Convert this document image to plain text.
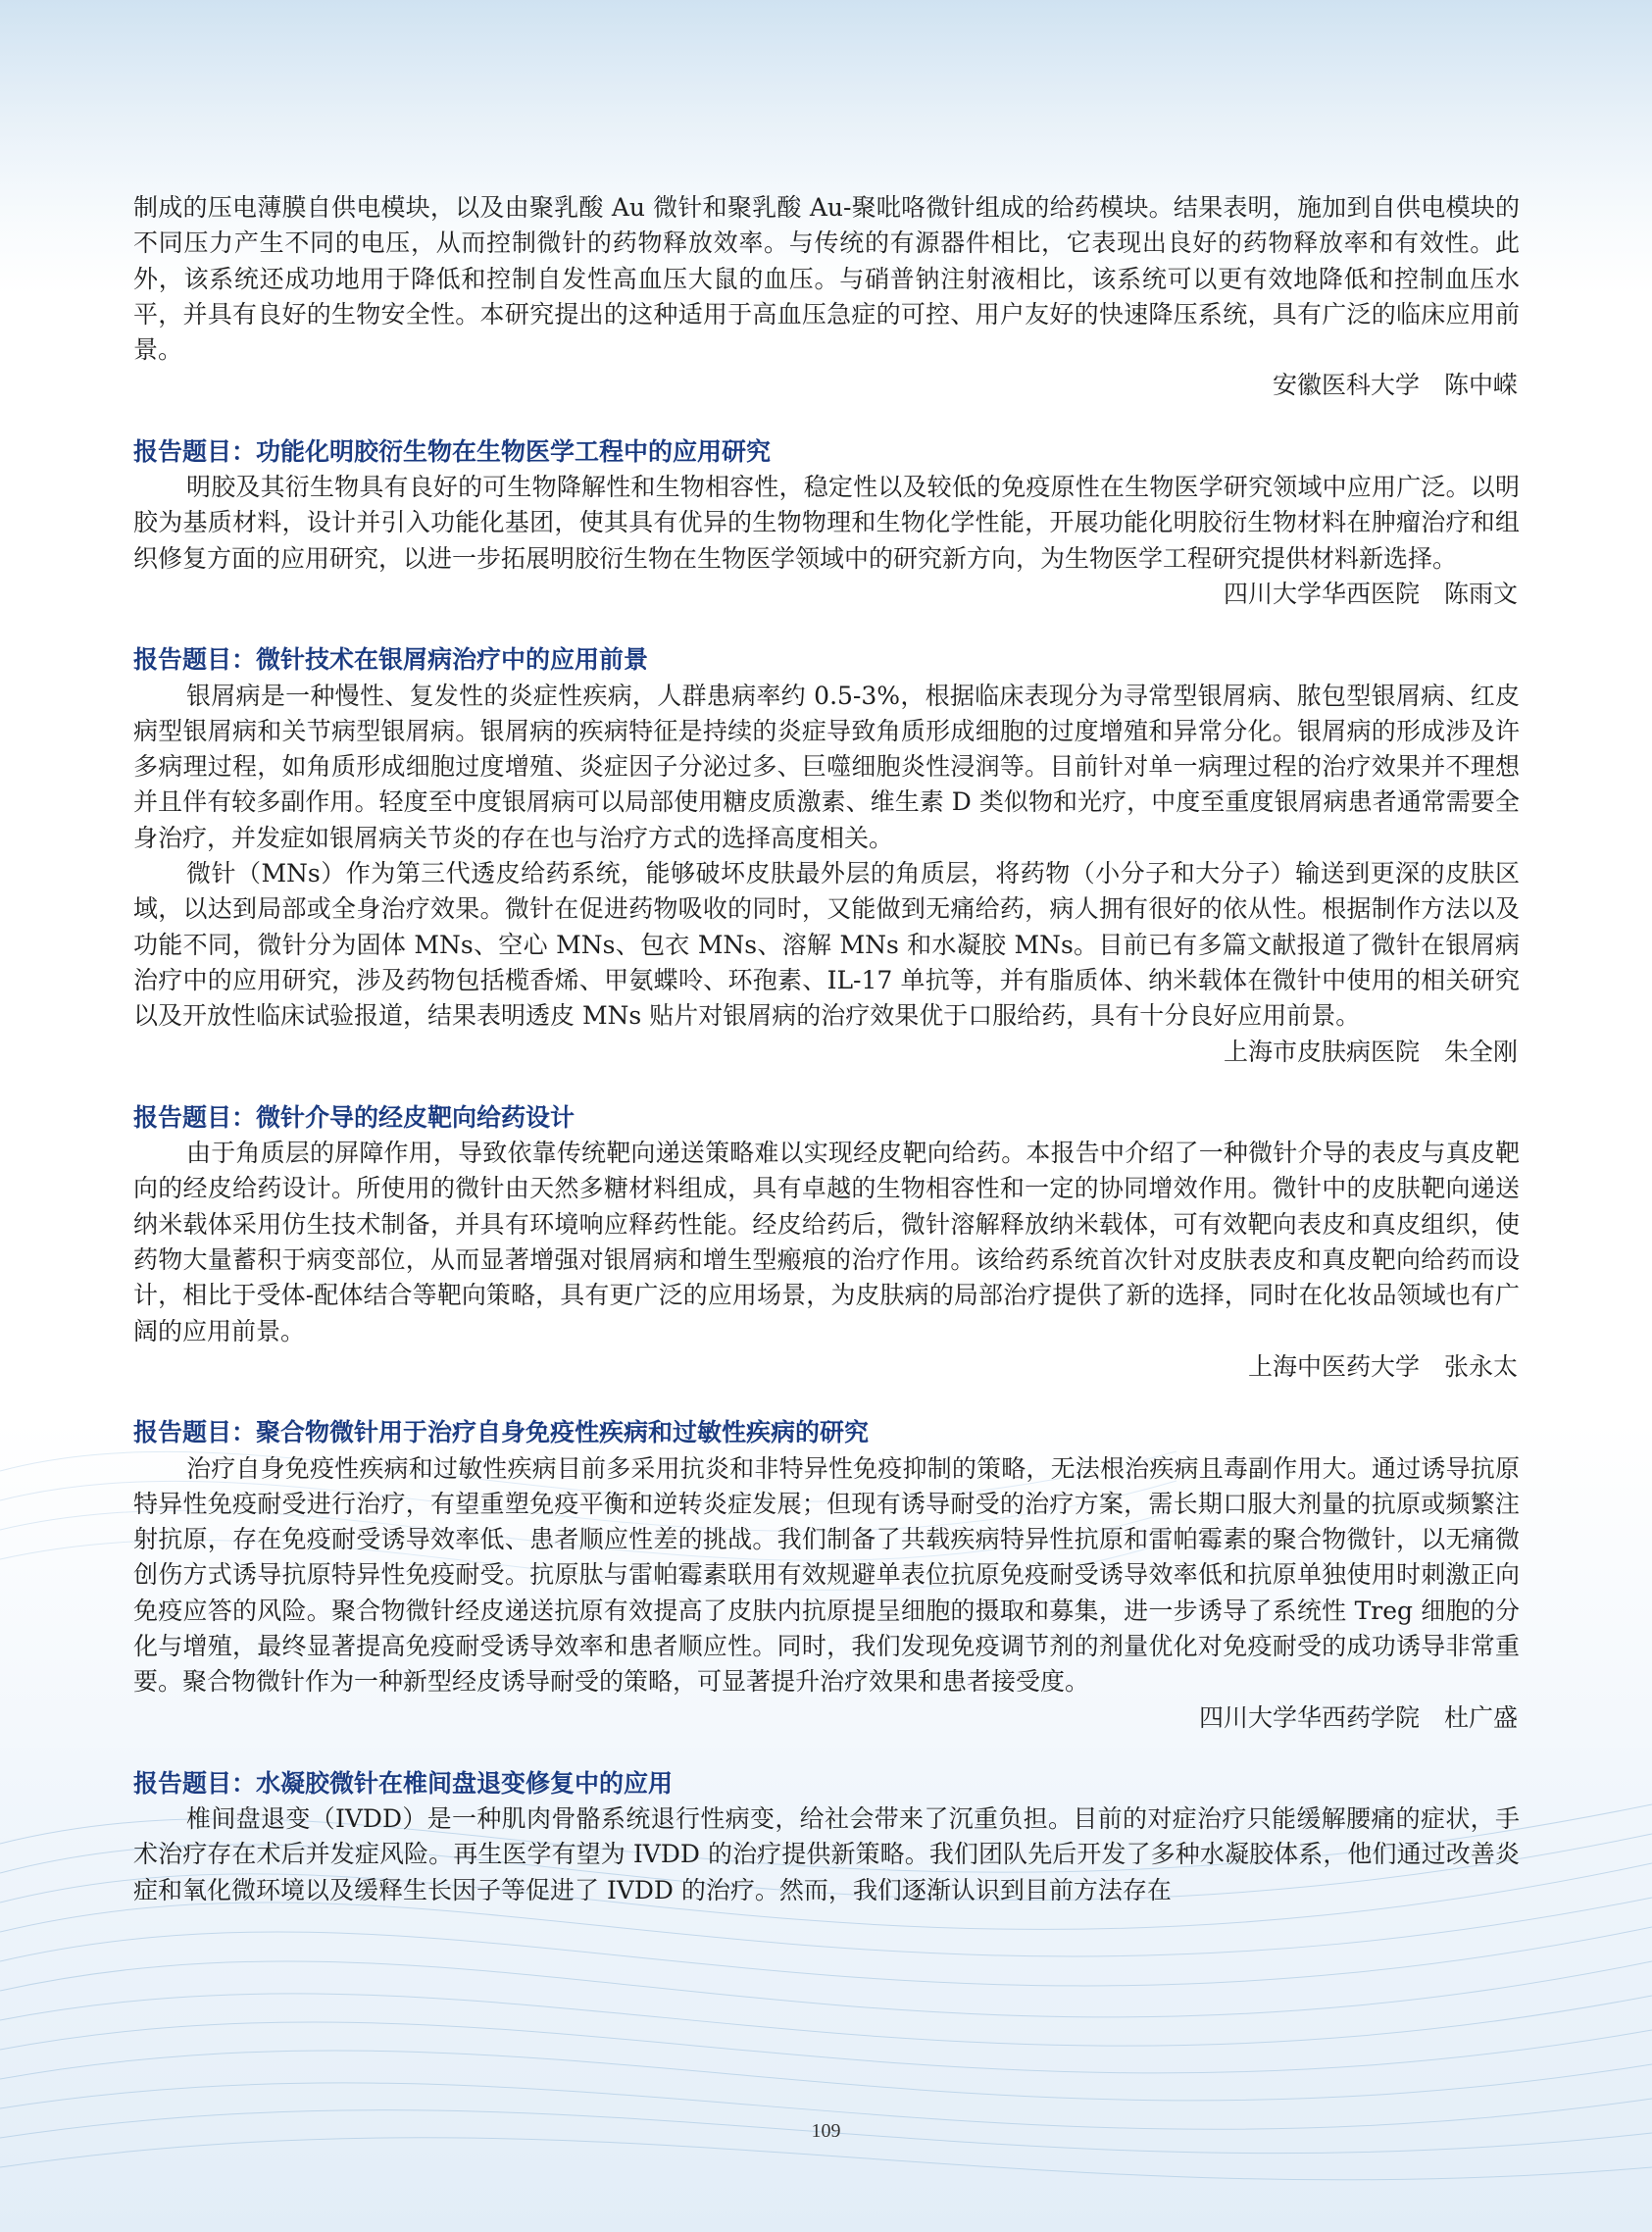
制成的压电薄膜自供电模块，以及由聚乳酸 Au 微针和聚乳酸 Au-聚吡咯微针组成的给药模块。结果表明，施加到自供电模块的不同压力产生不同的电压，从而控制微针的药物释放效率。与传统的有源器件相比，它表现出良好的药物释放率和有效性。此外，该系统还成功地用于降低和控制自发性高血压大鼠的血压。与硝普钠注射液相比，该系统可以更有效地降低和控制血压水平，并具有良好的生物安全性。本研究提出的这种适用于高血压急症的可控、用户友好的快速降压系统，具有广泛的临床应用前景。

安徽医科大学　陈中嵘

报告题目：功能化明胶衍生物在生物医学工程中的应用研究

明胶及其衍生物具有良好的可生物降解性和生物相容性，稳定性以及较低的免疫原性在生物医学研究领域中应用广泛。以明胶为基质材料，设计并引入功能化基团，使其具有优异的生物物理和生物化学性能，开展功能化明胶衍生物材料在肿瘤治疗和组织修复方面的应用研究，以进一步拓展明胶衍生物在生物医学领域中的研究新方向，为生物医学工程研究提供材料新选择。

四川大学华西医院　陈雨文

报告题目：微针技术在银屑病治疗中的应用前景

银屑病是一种慢性、复发性的炎症性疾病，人群患病率约 0.5-3%，根据临床表现分为寻常型银屑病、脓包型银屑病、红皮病型银屑病和关节病型银屑病。银屑病的疾病特征是持续的炎症导致角质形成细胞的过度增殖和异常分化。银屑病的形成涉及许多病理过程，如角质形成细胞过度增殖、炎症因子分泌过多、巨噬细胞炎性浸润等。目前针对单一病理过程的治疗效果并不理想并且伴有较多副作用。轻度至中度银屑病可以局部使用糖皮质激素、维生素 D 类似物和光疗，中度至重度银屑病患者通常需要全身治疗，并发症如银屑病关节炎的存在也与治疗方式的选择高度相关。

微针（MNs）作为第三代透皮给药系统，能够破坏皮肤最外层的角质层，将药物（小分子和大分子）输送到更深的皮肤区域，以达到局部或全身治疗效果。微针在促进药物吸收的同时，又能做到无痛给药，病人拥有很好的依从性。根据制作方法以及功能不同，微针分为固体 MNs、空心 MNs、包衣 MNs、溶解 MNs 和水凝胶 MNs。目前已有多篇文献报道了微针在银屑病治疗中的应用研究，涉及药物包括榄香烯、甲氨蝶呤、环孢素、IL-17 单抗等，并有脂质体、纳米载体在微针中使用的相关研究以及开放性临床试验报道，结果表明透皮 MNs 贴片对银屑病的治疗效果优于口服给药，具有十分良好应用前景。

上海市皮肤病医院　朱全刚

报告题目：微针介导的经皮靶向给药设计

由于角质层的屏障作用，导致依靠传统靶向递送策略难以实现经皮靶向给药。本报告中介绍了一种微针介导的表皮与真皮靶向的经皮给药设计。所使用的微针由天然多糖材料组成，具有卓越的生物相容性和一定的协同增效作用。微针中的皮肤靶向递送纳米载体采用仿生技术制备，并具有环境响应释药性能。经皮给药后，微针溶解释放纳米载体，可有效靶向表皮和真皮组织，使药物大量蓄积于病变部位，从而显著增强对银屑病和增生型瘢痕的治疗作用。该给药系统首次针对皮肤表皮和真皮靶向给药而设计，相比于受体-配体结合等靶向策略，具有更广泛的应用场景，为皮肤病的局部治疗提供了新的选择，同时在化妆品领域也有广阔的应用前景。

上海中医药大学　张永太

报告题目：聚合物微针用于治疗自身免疫性疾病和过敏性疾病的研究

治疗自身免疫性疾病和过敏性疾病目前多采用抗炎和非特异性免疫抑制的策略，无法根治疾病且毒副作用大。通过诱导抗原特异性免疫耐受进行治疗，有望重塑免疫平衡和逆转炎症发展；但现有诱导耐受的治疗方案，需长期口服大剂量的抗原或频繁注射抗原，存在免疫耐受诱导效率低、患者顺应性差的挑战。我们制备了共载疾病特异性抗原和雷帕霉素的聚合物微针，以无痛微创伤方式诱导抗原特异性免疫耐受。抗原肽与雷帕霉素联用有效规避单表位抗原免疫耐受诱导效率低和抗原单独使用时刺激正向免疫应答的风险。聚合物微针经皮递送抗原有效提高了皮肤内抗原提呈细胞的摄取和募集，进一步诱导了系统性 Treg 细胞的分化与增殖，最终显著提高免疫耐受诱导效率和患者顺应性。同时，我们发现免疫调节剂的剂量优化对免疫耐受的成功诱导非常重要。聚合物微针作为一种新型经皮诱导耐受的策略，可显著提升治疗效果和患者接受度。

四川大学华西药学院　杜广盛

报告题目：水凝胶微针在椎间盘退变修复中的应用

椎间盘退变（IVDD）是一种肌肉骨骼系统退行性病变，给社会带来了沉重负担。目前的对症治疗只能缓解腰痛的症状，手术治疗存在术后并发症风险。再生医学有望为 IVDD 的治疗提供新策略。我们团队先后开发了多种水凝胶体系，他们通过改善炎症和氧化微环境以及缓释生长因子等促进了 IVDD 的治疗。然而，我们逐渐认识到目前方法存在

109
